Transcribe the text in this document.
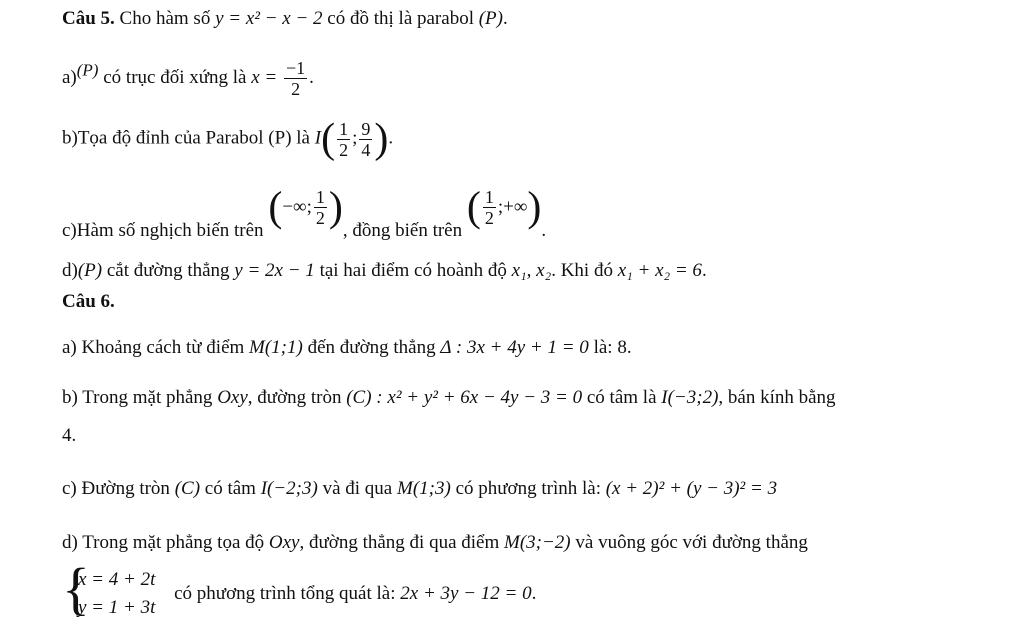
Câu 5. Cho hàm số y = x² − x − 2 có đồ thị là parabol (P).
a)$^{(P)}$ có trục đối xứng là $x = \frac{-1}{2}$ .
b)Tọa độ đỉnh của Parabol (P) là $I( \frac{1}{2}$ ; $\frac{9}{4}$ ).
c)Hàm số nghịch biến trên (−∞; $\frac{1}{2}$ ), đồng biến trên ( $\frac{1}{2}$ ;+∞).
d)(P) cắt đường thẳng y = 2x − 1 tại hai điểm có hoành độ x₁, x₂. Khi đó x₁ + x₂ = 6.
Câu 6.
a) Khoảng cách từ điểm M(1;1) đến đường thẳng Δ : 3x + 4y + 1 = 0 là: 8.
b) Trong mặt phẳng Oxy, đường tròn (C) : x² + y² + 6x − 4y − 3 = 0 có tâm là I(−3;2), bán kính bằng
4.
c) Đường tròn (C) có tâm I(−2;3) và đi qua M(1;3) có phương trình là: (x + 2)² + (y − 3)² = 3
d) Trong mặt phẳng tọa độ Oxy, đường thẳng đi qua điểm M(3;−2) và vuông góc với đường thẳng
{
x = 4 + 2t
y = 1 + 3t
có phương trình tổng quát là: 2x + 3y − 12 = 0.
